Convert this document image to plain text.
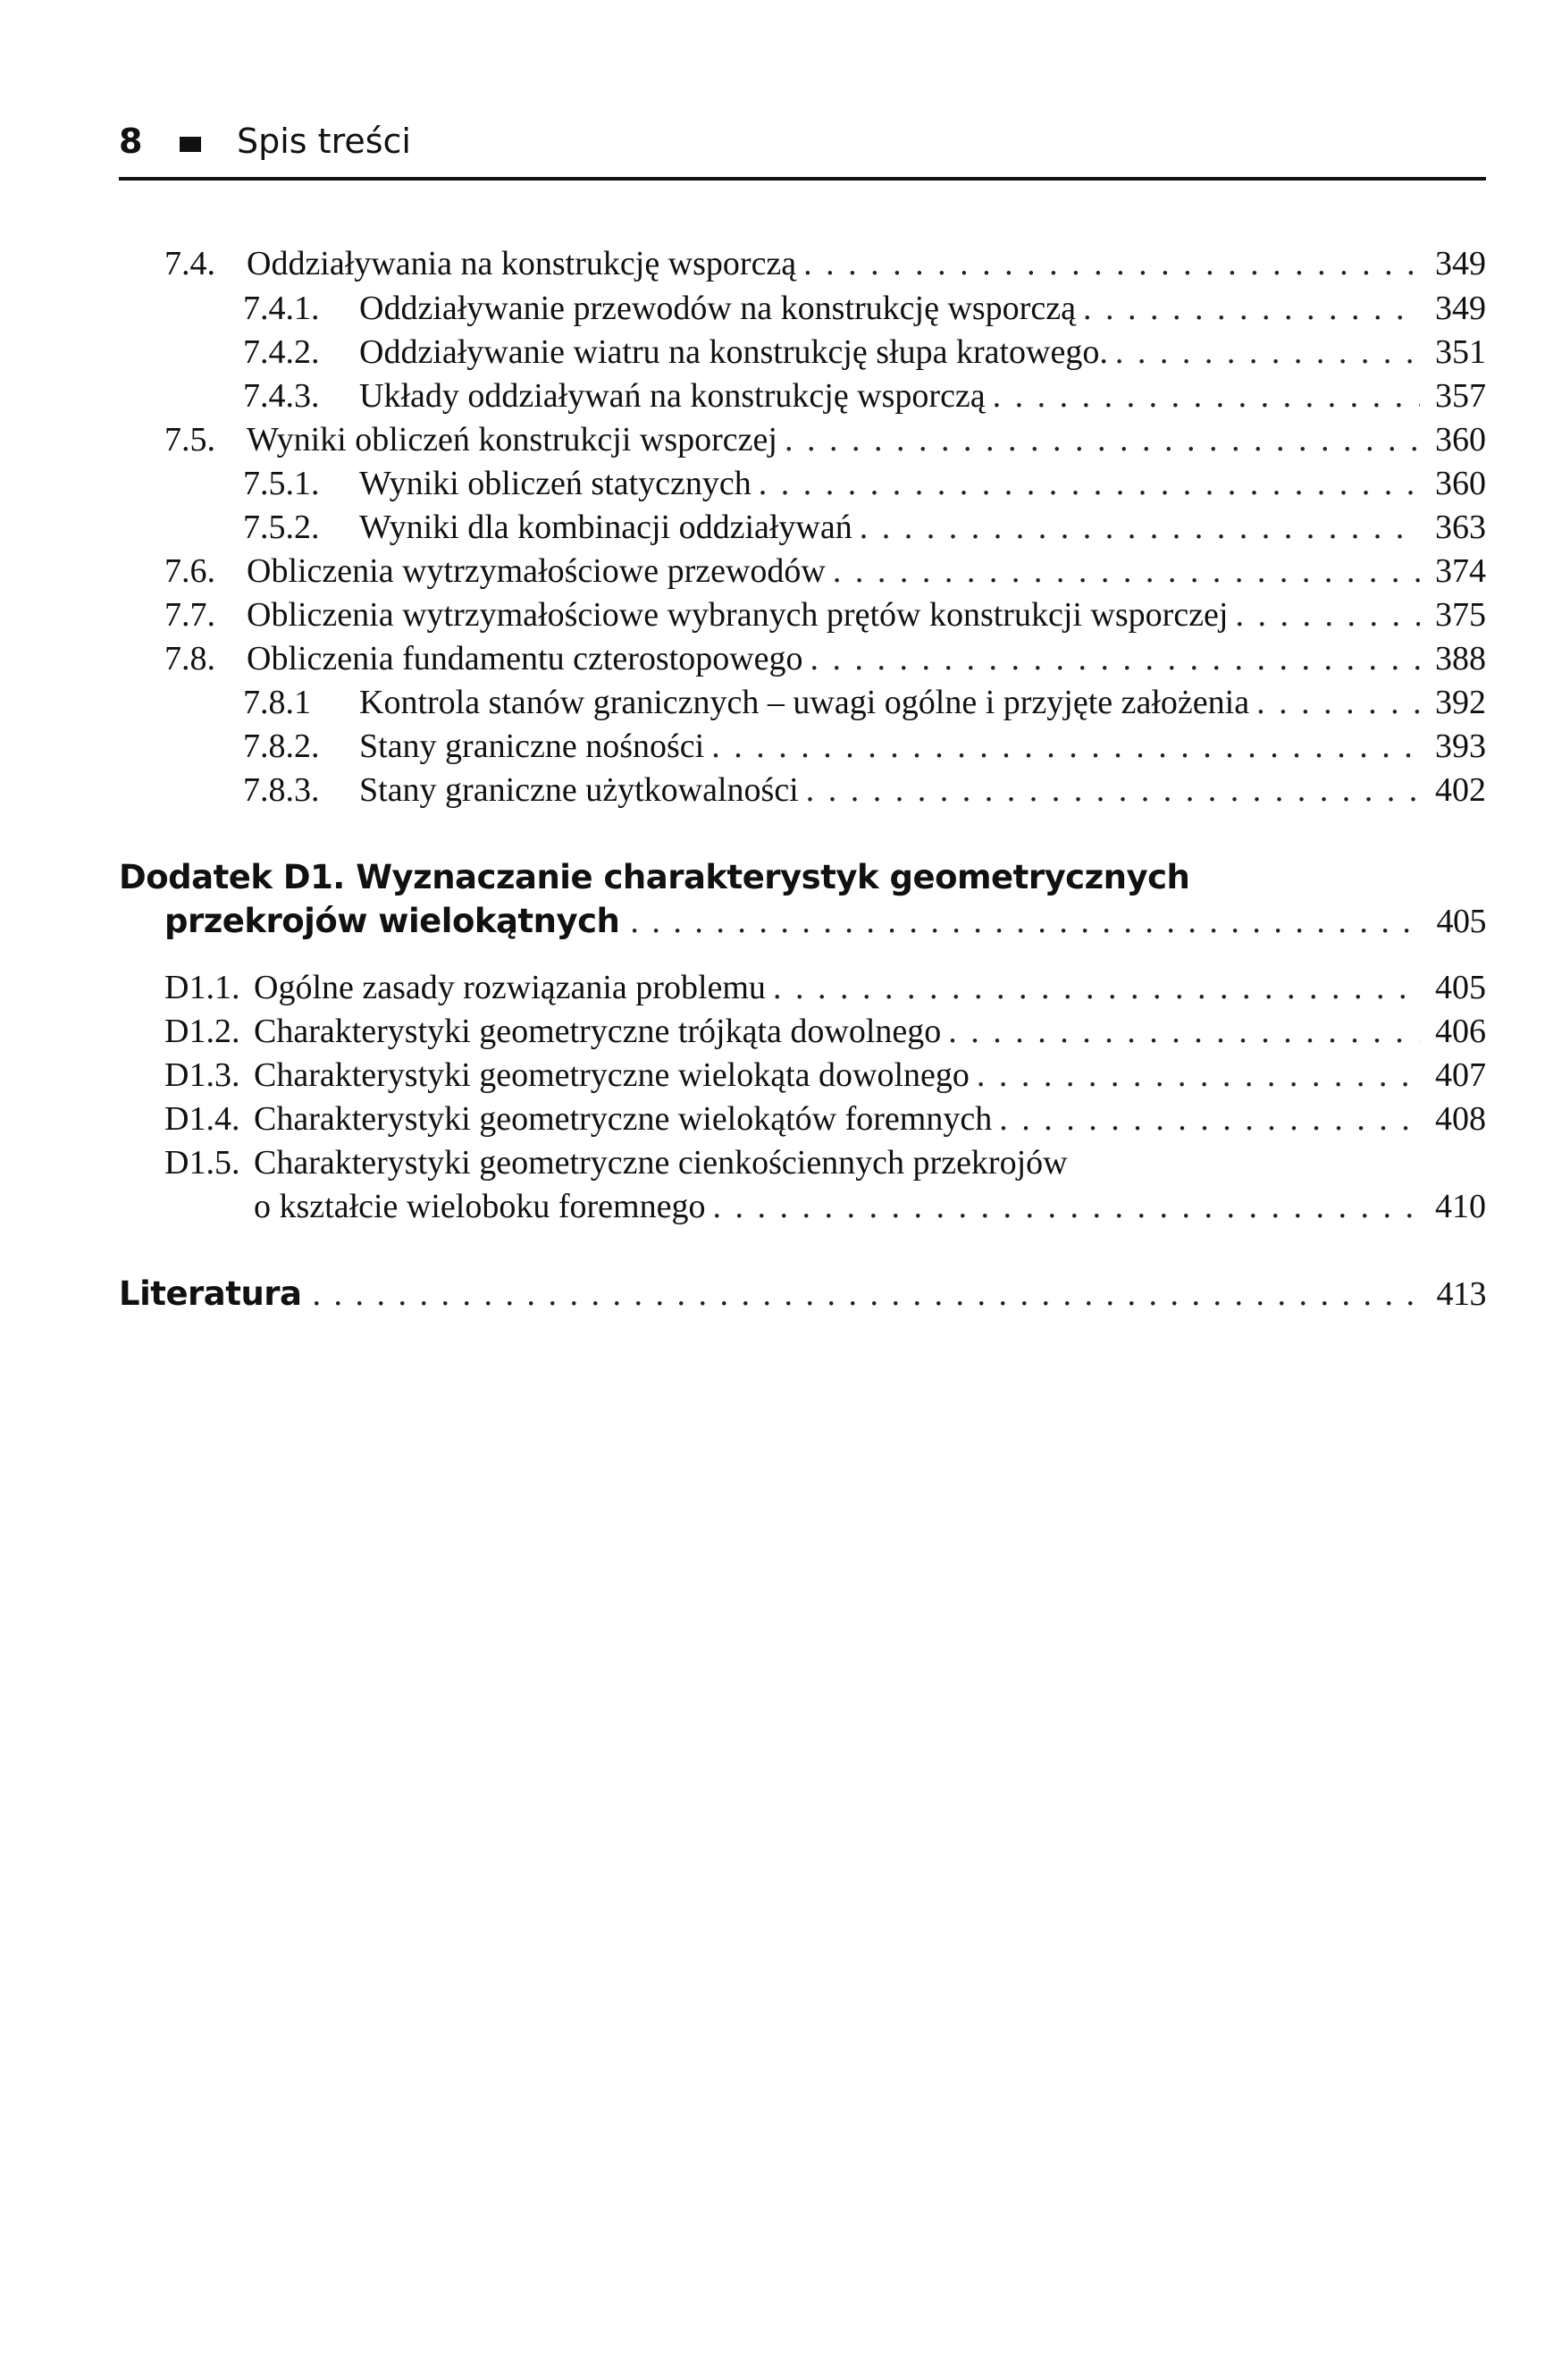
8	Spis treści
7.4. Oddziaływania na konstrukcję wsporczą . . .	349
7.4.1.	Oddziaływanie przewodów na konstrukcję wsporczą . . .	349
7.4.2.	Oddziaływanie wiatru na konstrukcję słupa kratowego. . . .	351
7.4.3.	Układy oddziaływań na konstrukcję wsporczą . . .	357
7.5. Wyniki obliczeń konstrukcji wsporczej . . .	360
7.5.1.	Wyniki obliczeń statycznych . . .	360
7.5.2.	Wyniki dla kombinacji oddziaływań . . .	363
7.6. Obliczenia wytrzymałościowe przewodów . . .	374
7.7. Obliczenia wytrzymałościowe wybranych prętów konstrukcji wsporczej . . .	375
7.8. Obliczenia fundamentu czterostopowego . . .	388
7.8.1	Kontrola stanów granicznych – uwagi ogólne i przyjęte założenia . . .	392
7.8.2.	Stany graniczne nośności . . .	393
7.8.3.	Stany graniczne użytkowalności . . .	402
Dodatek D1. Wyznaczanie charakterystyk geometrycznych
przekrojów wielokątnych . . .	405
D1.1. Ogólne zasady rozwiązania problemu . . .	405
D1.2. Charakterystyki geometryczne trójkąta dowolnego . . .	406
D1.3. Charakterystyki geometryczne wielokąta dowolnego . . .	407
D1.4. Charakterystyki geometryczne wielokątów foremnych . . .	408
D1.5. Charakterystyki geometryczne cienkościennych przekrojów
o kształcie wieloboku foremnego . . .	410
Literatura . . .	413
